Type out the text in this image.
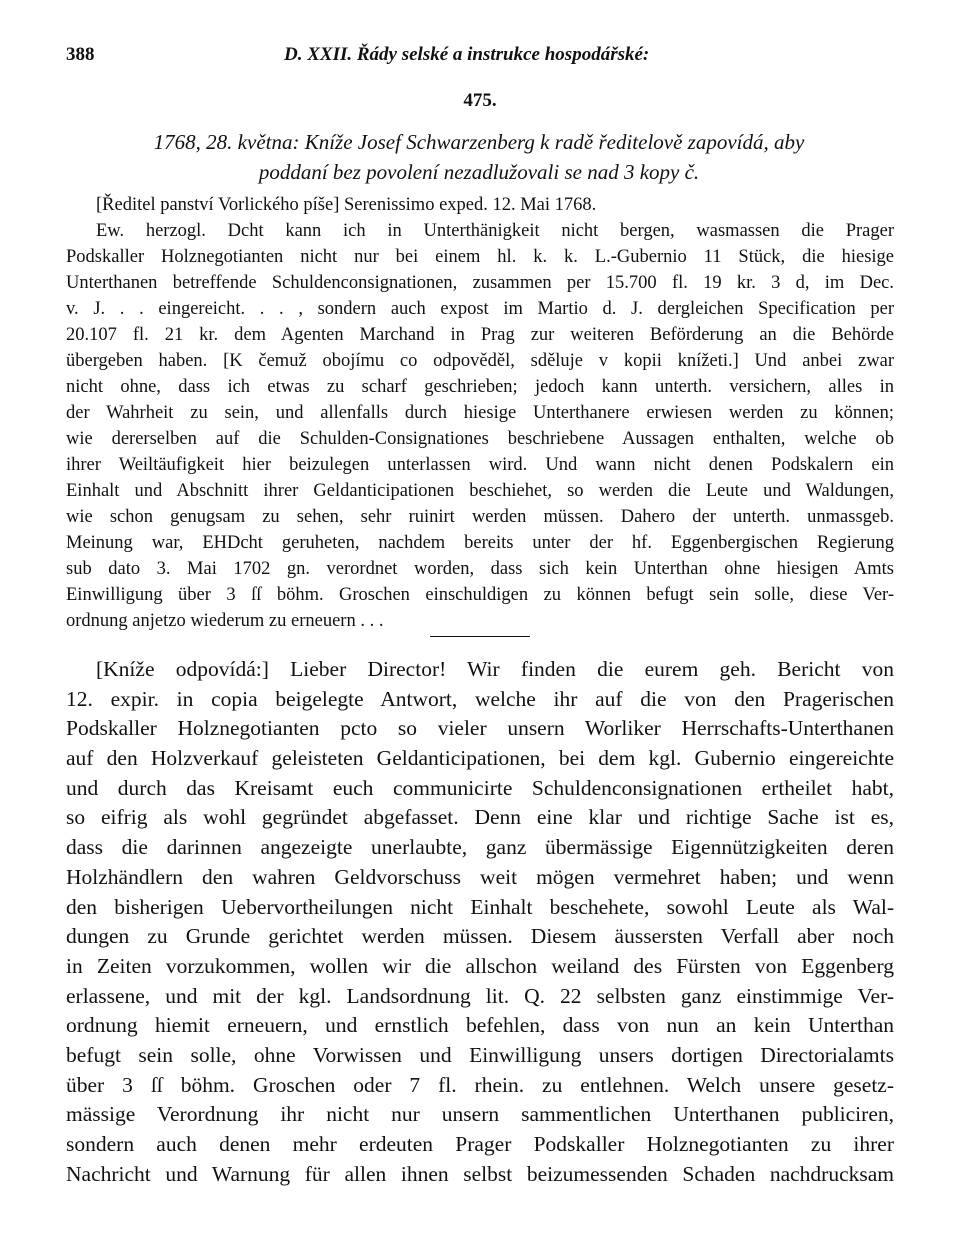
388	D. XXII. Řády selské a instrukce hospodářské:
475.
1768, 28. května: Kníže Josef Schwarzenberg k radě ředitelově zapovídá, aby
poddaní bez povolení nezadlužovali se nad 3 kopy č.
[Ředitel panství Vorlického píše] Serenissimo exped. 12. Mai 1768.
Ew. herzogl. Dcht kann ich in Unterthänigkeit nicht bergen, wasmassen die Prager
Podskaller Holznegotianten nicht nur bei einem hl. k. k. L.-Gubernio 11 Stück, die hiesige
Unterthanen betreffende Schuldenconsignationen, zusammen per 15.700 fl. 19 kr. 3 d, im Dec.
v. J. . . eingereicht. . . , sondern auch expost im Martio d. J. dergleichen Specification per
20.107 fl. 21 kr. dem Agenten Marchand in Prag zur weiteren Beförderung an die Behörde
übergeben haben. [K čemuž obojímu co odpověděl, sděluje v kopii knížeti.] Und anbei zwar
nicht ohne, dass ich etwas zu scharf geschrieben; jedoch kann unterth. versichern, alles in
der Wahrheit zu sein, und allenfalls durch hiesige Unterthanere erwiesen werden zu können;
wie dererselben auf die Schulden-Consignationes beschriebene Aussagen enthalten, welche ob
ihrer Weiltäufigkeit hier beizulegen unterlassen wird. Und wann nicht denen Podskalern ein
Einhalt und Abschnitt ihrer Geldanticipationen beschiehet, so werden die Leute und Waldungen,
wie schon genugsam zu sehen, sehr ruinirt werden müssen. Dahero der unterth. unmassgeb.
Meinung war, EHDcht geruheten, nachdem bereits unter der hf. Eggenbergischen Regierung
sub dato 3. Mai 1702 gn. verordnet worden, dass sich kein Unterthan ohne hiesigen Amts
Einwilligung über 3 ſſ böhm. Groschen einschuldigen zu können befugt sein solle, diese Ver-
ordnung anjetzo wiederum zu erneuern . . .
[Kníže odpovídá:] Lieber Director! Wir finden die eurem geh. Bericht von
12. expir. in copia beigelegte Antwort, welche ihr auf die von den Pragerischen
Podskaller Holznegotianten pcto so vieler unsern Worliker Herrschafts-Unterthanen
auf den Holzverkauf geleisteten Geldanticipationen, bei dem kgl. Gubernio eingereichte
und durch das Kreisamt euch communicirte Schuldenconsignationen ertheilet habt,
so eifrig als wohl gegründet abgefasset. Denn eine klar und richtige Sache ist es,
dass die darinnen angezeigte unerlaubte, ganz übermässige Eigennützigkeiten deren
Holzhändlern den wahren Geldvorschuss weit mögen vermehret haben; und wenn
den bisherigen Uebervortheilungen nicht Einhalt beschehete, sowohl Leute als Wal-
dungen zu Grunde gerichtet werden müssen. Diesem äussersten Verfall aber noch
in Zeiten vorzukommen, wollen wir die allschon weiland des Fürsten von Eggenberg
erlassene, und mit der kgl. Landsordnung lit. Q. 22 selbsten ganz einstimmige Ver-
ordnung hiemit erneuern, und ernstlich befehlen, dass von nun an kein Unterthan
befugt sein solle, ohne Vorwissen und Einwilligung unsers dortigen Directorialamts
über 3 ſſ böhm. Groschen oder 7 fl. rhein. zu entlehnen. Welch unsere gesetz-
mässige Verordnung ihr nicht nur unsern sammentlichen Unterthanen publiciren,
sondern auch denen mehr erdeuten Prager Podskaller Holznegotianten zu ihrer
Nachricht und Warnung für allen ihnen selbst beizumessenden Schaden nachdrucksam
